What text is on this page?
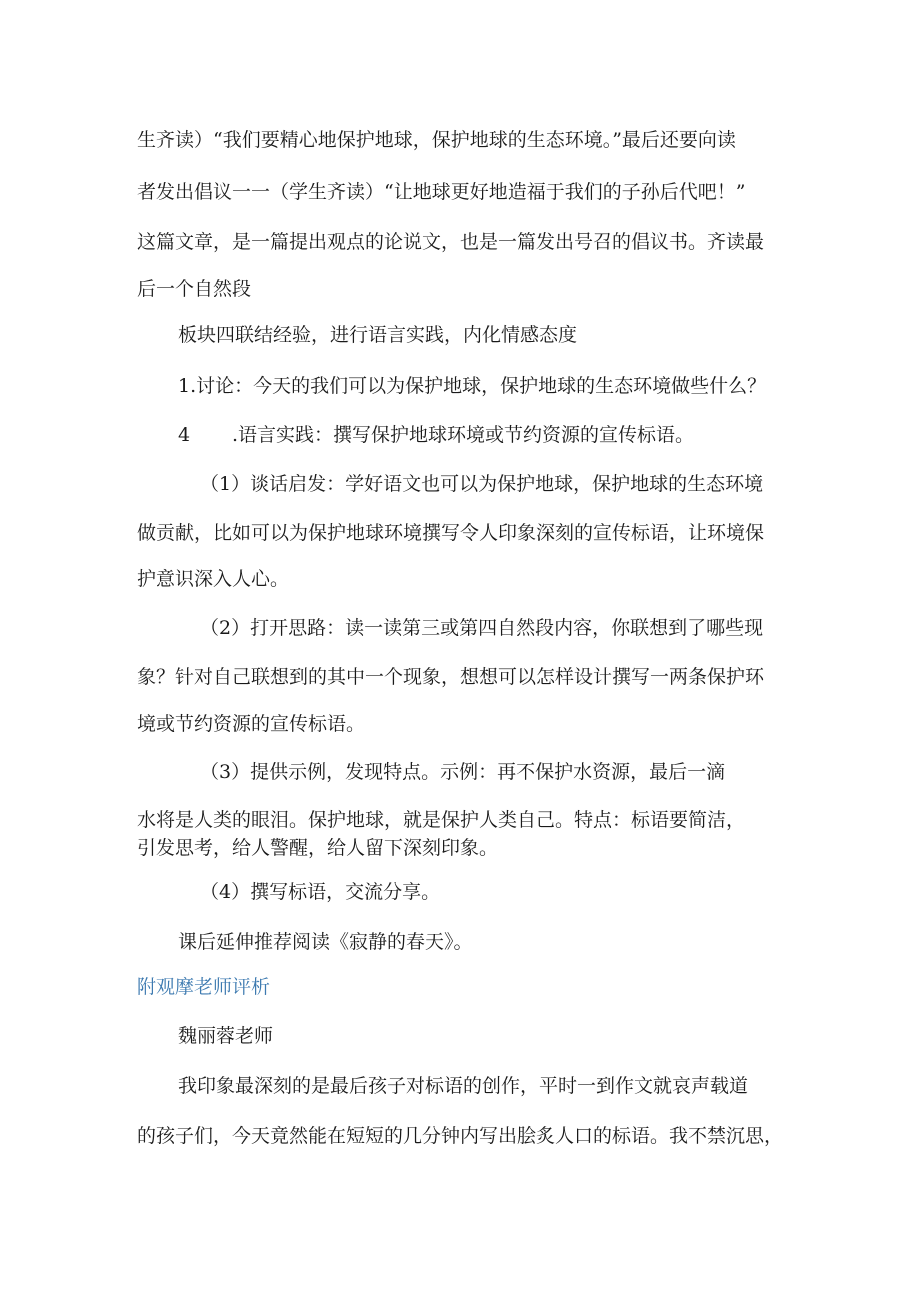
生齐读）“我们要精心地保护地球，保护地球的生态环境。”最后还要向读
者发出倡议一一（学生齐读）“让地球更好地造福于我们的子孙后代吧！”
这篇文章，是一篇提出观点的论说文，也是一篇发出号召的倡议书。齐读最
后一个自然段
板块四联结经验，进行语言实践，内化情感态度
1.讨论：今天的我们可以为保护地球，保护地球的生态环境做些什么？
4 .语言实践：撰写保护地球环境或节约资源的宣传标语。
（1）谈话启发：学好语文也可以为保护地球，保护地球的生态环境
做贡献，比如可以为保护地球环境撰写令人印象深刻的宣传标语，让环境保
护意识深入人心。
（2）打开思路：读一读第三或第四自然段内容，你联想到了哪些现
象？针对自己联想到的其中一个现象，想想可以怎样设计撰写一两条保护环
境或节约资源的宣传标语。
（3）提供示例，发现特点。示例：再不保护水资源，最后一滴
水将是人类的眼泪。保护地球，就是保护人类自己。特点：标语要简洁，
引发思考，给人警醒，给人留下深刻印象。
（4）撰写标语，交流分享。
课后延伸推荐阅读《寂静的春天》。
附观摩老师评析
魏丽蓉老师
我印象最深刻的是最后孩子对标语的创作，平时一到作文就哀声载道
的孩子们，今天竟然能在短短的几分钟内写出脍炙人口的标语。我不禁沉思，
